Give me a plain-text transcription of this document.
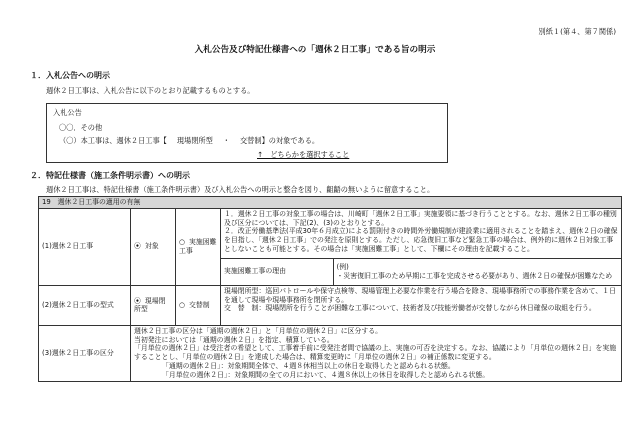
別紙１(第４、第７関係)
入札公告及び特記仕様書への「週休２日工事」である旨の明示
１．入札公告への明示
週休２日工事は、入札公告に以下のとおり記載するものとする。
入札公告
〇〇．その他
（〇）本工事は、週休２日工事【 現場閉所型 ・ 交替制】の対象である。
↑　どちらかを選択すること
２．特記仕様書（施工条件明示書）への明示
週休２日工事は、特記仕様書（施工条件明示書）及び入札公告への明示と整合を図り、齟齬の無いように留意すること。
19　週休２日工事の適用の有無
(1)週休２日工事	⦿ 対象	○ 実施困難工事	１．週休２日工事の対象工事の場合は、川崎町「週休２日工事」実施要領に基づき行うこととする。なお、週休２日工事の種別及び区分については、下記(2)、(3)のとおりとする。
２．改正労働基準法(平成30年６月成立)による罰則付きの時間外労働規制が建設業に適用されることを踏まえ、週休２日の確保を目指し、「週休２日工事」での発注を原則とする。ただし、応急復旧工事など緊急工事の場合は、例外的に週休２日対象工事としないことも可能とする。その場合は「実施困難工事」として、下欄にその理由を記載すること。

実施困難工事の理由	(例)
・災害復旧工事のため早期に工事を完成させる必要があり、週休２日の確保が困難なため

(2)週休２日工事の型式	⦿ 現場閉所型	○ 交替制	
現場閉所型：巡回パトロールや保守点検等、現場管理上必要な作業を行う場合を除き、現場事務所での事務作業を含めて、１日を通して現場や現場事務所を閉所する。
交　替　制：現場閉所を行うことが困難な工事について、技術者及び技能労働者が交替しながら休日確保の取組を行う。

(3)週休２日工事の区分	
週休２日工事の区分は「通期の週休２日」と「月単位の週休２日」に区分する。
当初発注においては「通期の週休２日」を指定、積算している。
「月単位の週休２日」は受注者の希望として、工事着手前に受発注者間で協議の上、実施の可否を決定する。なお、協議により「月単位の週休２日」を実施することとし、「月単位の週休２日」を達成した場合は、精算変更時に「月単位の週休２日」の補正係数に変更する。
「通期の週休２日」：対象期間全体で、４週８休相当以上の休日を取得したと認められる状態。
「月単位の週休２日」：対象期間の全ての月において、４週８休以上の休日を取得したと認められる状態。
